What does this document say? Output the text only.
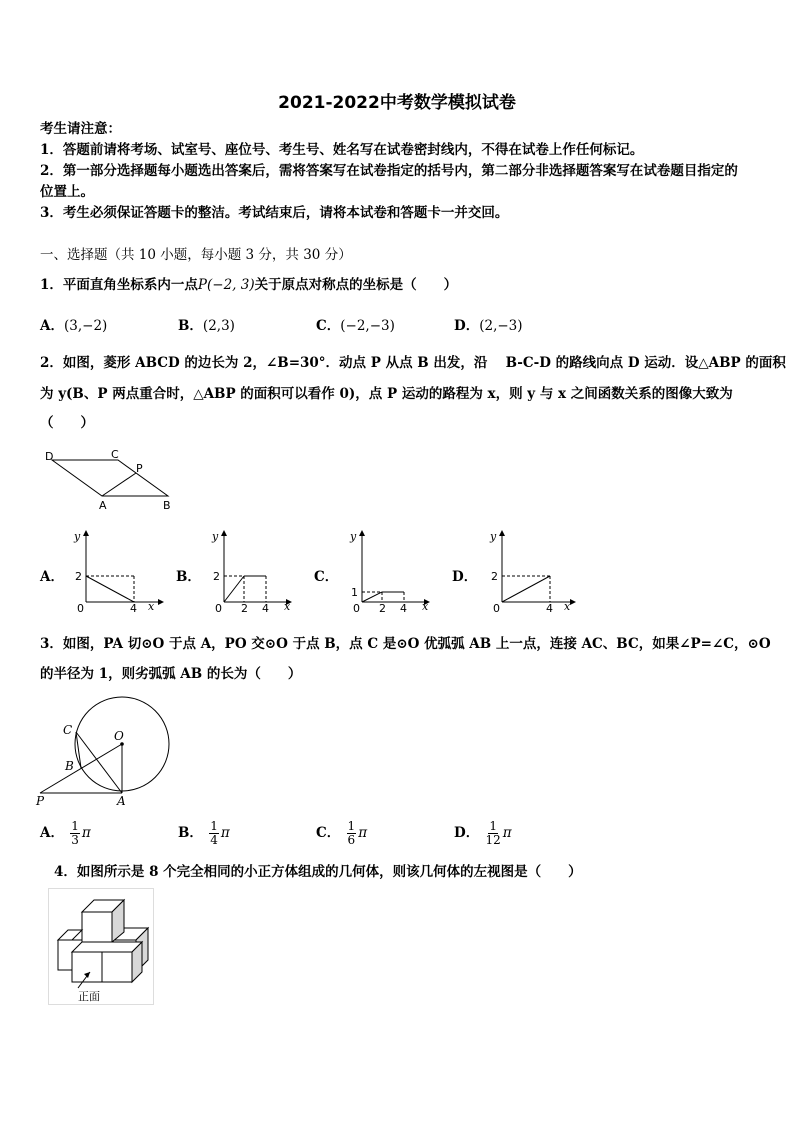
2021-2022中考数学模拟试卷
考生请注意：
1．答题前请将考场、试室号、座位号、考生号、姓名写在试卷密封线内，不得在试卷上作任何标记。
2．第一部分选择题每小题选出答案后，需将答案写在试卷指定的括号内，第二部分非选择题答案写在试卷题目指定的
位置上。
3．考生必须保证答题卡的整洁。考试结束后，请将本试卷和答题卡一并交回。
一、选择题（共 10 小题，每小题 3 分，共 30 分）
1．平面直角坐标系内一点P(−2, 3)关于原点对称点的坐标是（　　）
A．(3,−2)	B．(2,3)	C．(−2,−3)	D．(2,−3)
2．如图，菱形 ABCD 的边长为 2，∠B=30°．动点 P 从点 B 出发，沿　 B-C-D 的路线向点 D 运动．设△ABP 的面积
为 y(B、P 两点重合时，△ABP 的面积可以看作 0)，点 P 运动的路程为 x，则 y 与 x 之间函数关系的图像大致为
（　　）
D	C
P
A	B
A．
y
x
2
0	4
B．
y
x
2
0 2 4
C．
y
x
1
0 2 4
D．
y
x
2
0	4
3．如图，PA 切⊙O 于点 A，PO 交⊙O 于点 B，点 C 是⊙O 优弧弧 AB 上一点，连接 AC、BC，如果∠P=∠C，⊙O
的半径为 1，则劣弧弧 AB 的长为（　　）
C	O
B
P	A
A． $\frac{1}{3}$ π	B． $\frac{1}{4}$ π	C． $\frac{1}{6}$ π	D． $\frac{1}{12}$ π
4．如图所示是 8 个完全相同的小正方体组成的几何体，则该几何体的左视图是（　　）
正面
